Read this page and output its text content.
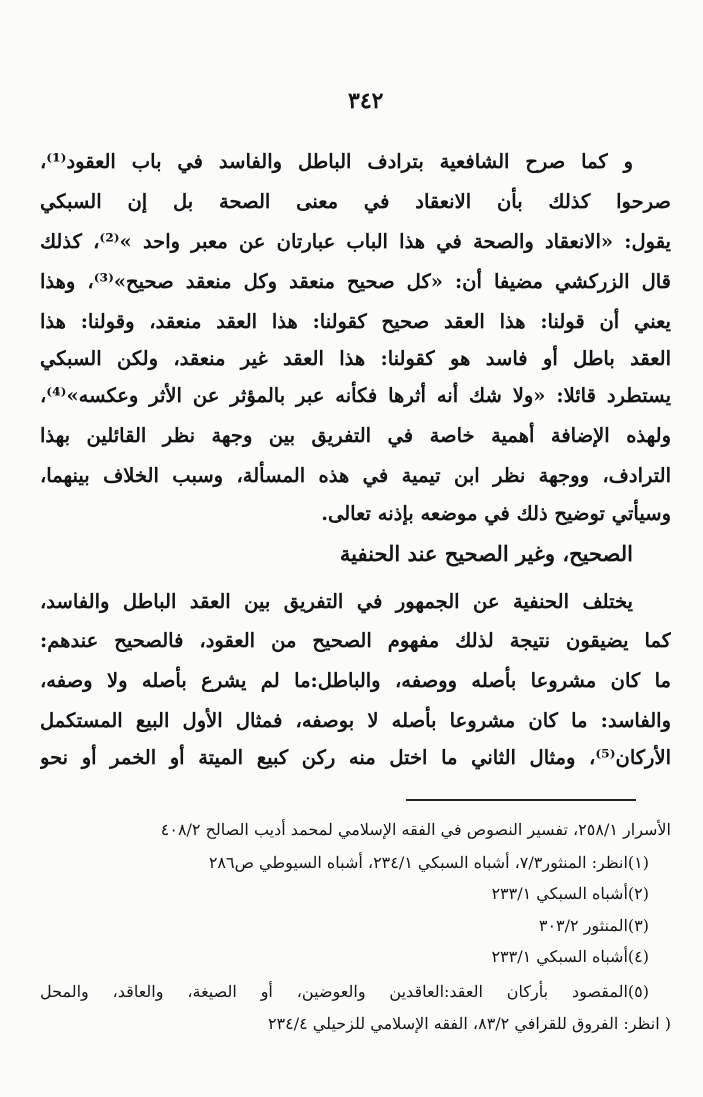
٣٤٢
و كما صرح الشافعية بترادف الباطل والفاسد في باب العقود⁽¹⁾،
صرحوا كذلك بأن الانعقاد في معنى الصحة بل إن السبكي
يقول: «الانعقاد والصحة في هذا الباب عبارتان عن معبر واحد »⁽²⁾، كذلك
قال الزركشي مضيفا أن: «كل صحيح منعقد وكل منعقد صحيح»⁽³⁾، وهذا
يعني أن قولنا: هذا العقد صحيح كقولنا: هذا العقد منعقد، وقولنا: هذا
العقد باطل أو فاسد هو كقولنا: هذا العقد غير منعقد، ولكن السبكي
يستطرد قائلا: «ولا شك أنه أثرها فكأنه عبر بالمؤثر عن الأثر وعكسه»⁽⁴⁾،
ولهذه الإضافة أهمية خاصة في التفريق بين وجهة نظر القائلين بهذا
الترادف، ووجهة نظر ابن تيمية في هذه المسألة، وسبب الخلاف بينهما،
وسيأتي توضيح ذلك في موضعه بإذنه تعالى.
الصحيح، وغير الصحيح عند الحنفية
يختلف الحنفية عن الجمهور في التفريق بين العقد الباطل والفاسد،
كما يضيقون نتيجة لذلك مفهوم الصحيح من العقود، فالصحيح عندهم:
ما كان مشروعا بأصله ووصفه، والباطل:ما لم يشرع بأصله ولا وصفه،
والفاسد: ما كان مشروعا بأصله لا بوصفه، فمثال الأول البيع المستكمل
الأركان⁽⁵⁾، ومثال الثاني ما اختل منه ركن كبيع الميتة أو الخمر أو نحو
الأسرار ٢٥٨/١، تفسير النصوص في الفقه الإسلامي لمحمد أديب الصالح ٤٠٨/٢
(١)انظر: المنثور٧/٣، أشباه السبكي ٢٣٤/١، أشباه السيوطي ص٢٨٦
(٢)أشباه السبكي ٢٣٣/١
(٣)المنثور ٣٠٣/٢
(٤)أشباه السبكي ٢٣٣/١
(٥)المقصود بأركان العقد:العاقدين والعوضين، أو الصيغة، والعاقد، والمحل
( انظر: الفروق للقرافي ٨٣/٢، الفقه الإسلامي للزحيلي ٢٣٤/٤
